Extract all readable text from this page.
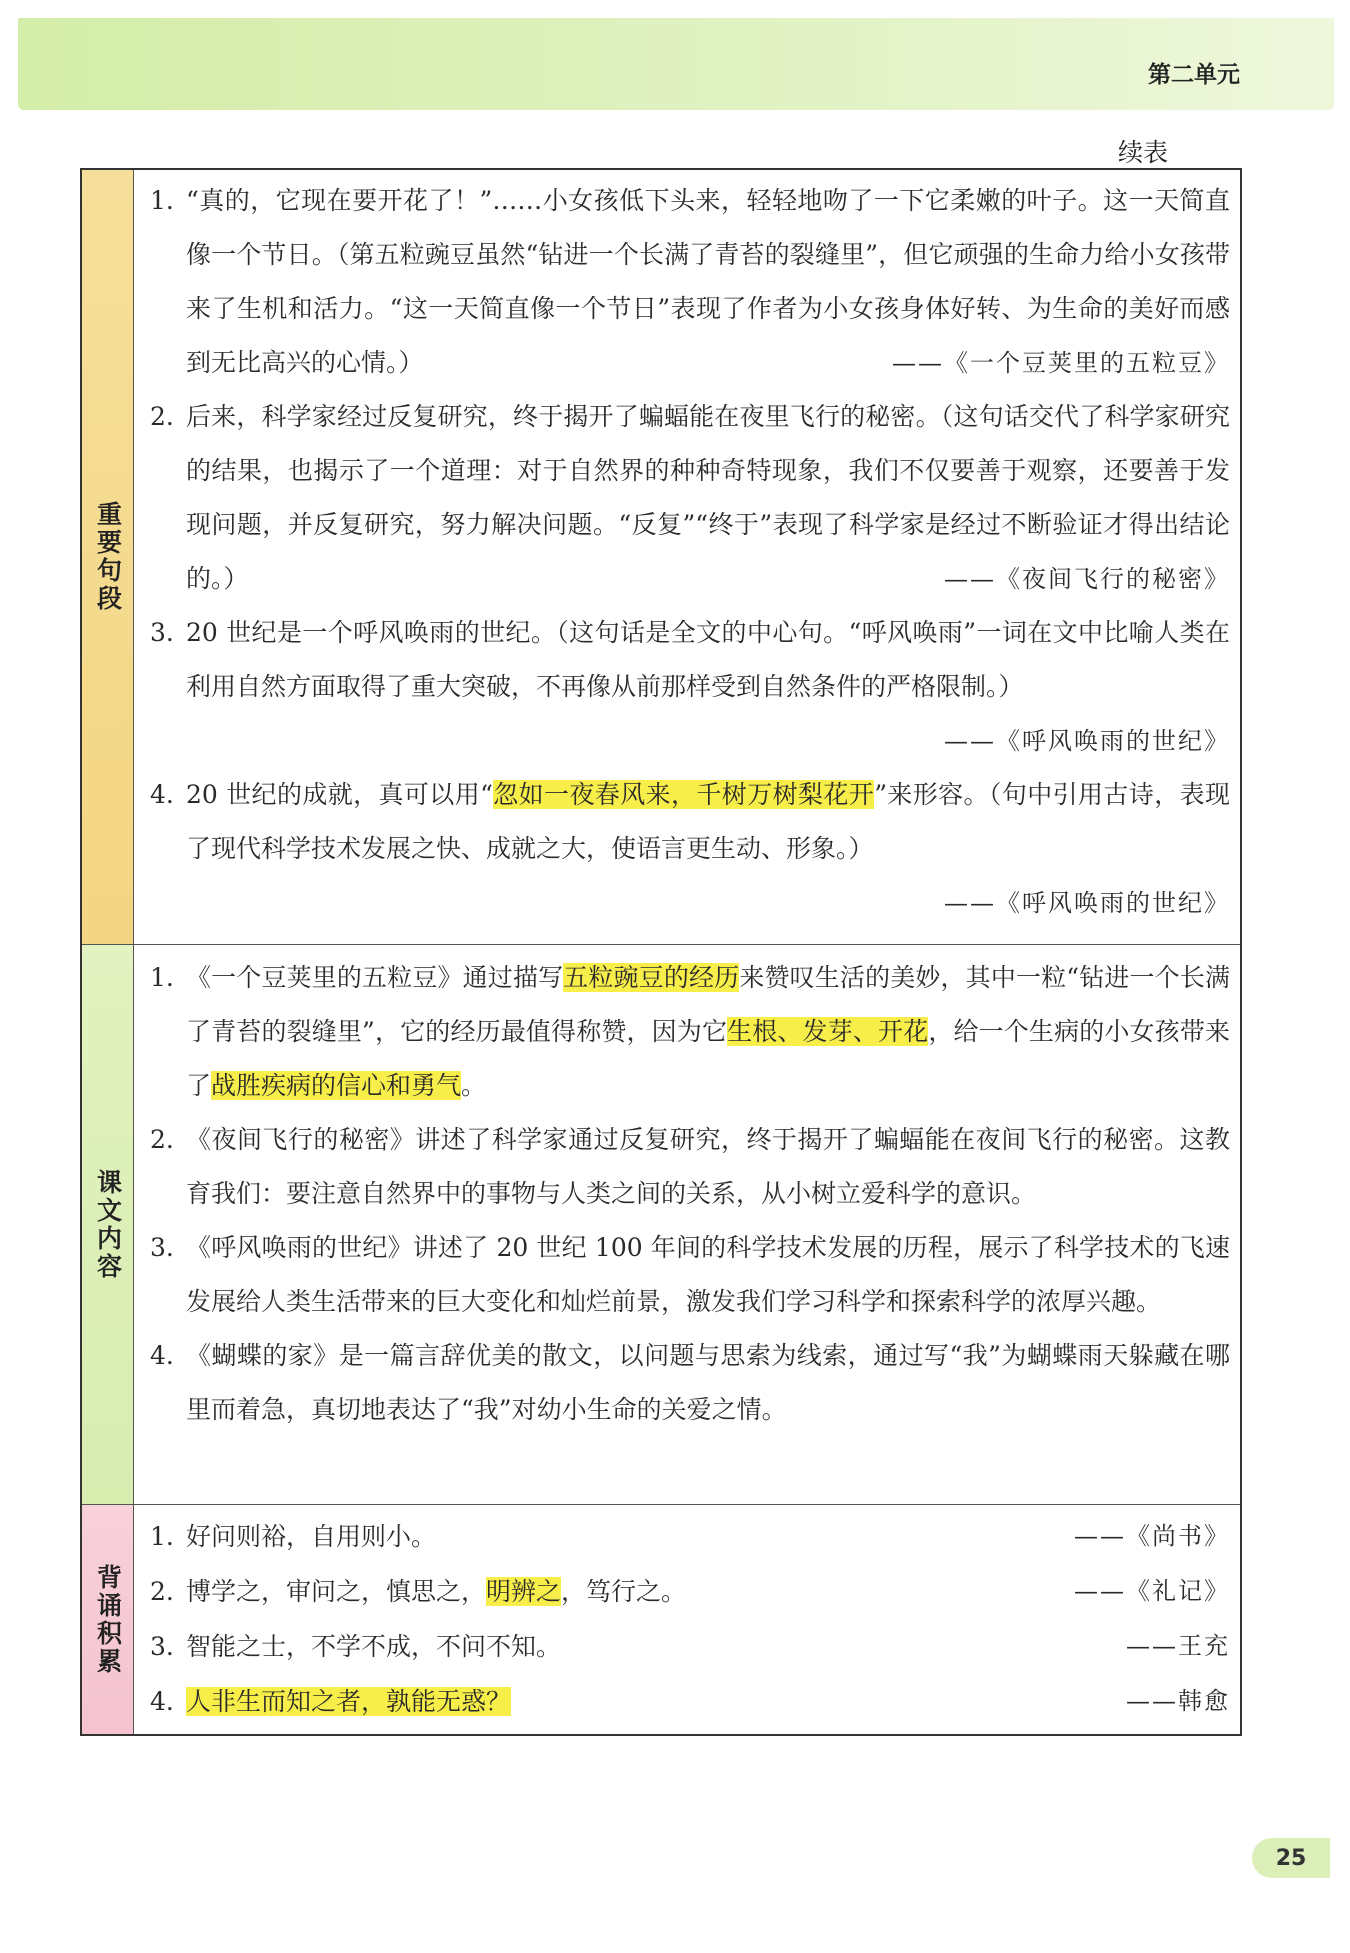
第二单元
续表
重要句段
1. “真的，它现在要开花了！”……小女孩低下头来，轻轻地吻了一下它柔嫩的叶子。这一天简直像一个节日。（第五粒豌豆虽然“钻进一个长满了青苔的裂缝里”，但它顽强的生命力给小女孩带来了生机和活力。“这一天简直像一个节日”表现了作者为小女孩身体好转、为生命的美好而感到无比高兴的心情。）	——《一个豆荚里的五粒豆》
2. 后来，科学家经过反复研究，终于揭开了蝙蝠能在夜里飞行的秘密。（这句话交代了科学家研究的结果，也揭示了一个道理：对于自然界的种种奇特现象，我们不仅要善于观察，还要善于发现问题，并反复研究，努力解决问题。“反复”“终于”表现了科学家是经过不断验证才得出结论的。）	——《夜间飞行的秘密》
3. 20 世纪是一个呼风唤雨的世纪。（这句话是全文的中心句。“呼风唤雨”一词在文中比喻人类在利用自然方面取得了重大突破，不再像从前那样受到自然条件的严格限制。）
——《呼风唤雨的世纪》
4. 20 世纪的成就，真可以用“忽如一夜春风来，千树万树梨花开”来形容。（句中引用古诗，表现了现代科学技术发展之快、成就之大，使语言更生动、形象。）
——《呼风唤雨的世纪》
课文内容
1. 《一个豆荚里的五粒豆》通过描写五粒豌豆的经历来赞叹生活的美妙，其中一粒“钻进一个长满了青苔的裂缝里”，它的经历最值得称赞，因为它生根、发芽、开花，给一个生病的小女孩带来了战胜疾病的信心和勇气。
2. 《夜间飞行的秘密》讲述了科学家通过反复研究，终于揭开了蝙蝠能在夜间飞行的秘密。这教育我们：要注意自然界中的事物与人类之间的关系，从小树立爱科学的意识。
3. 《呼风唤雨的世纪》讲述了 20 世纪 100 年间的科学技术发展的历程，展示了科学技术的飞速发展给人类生活带来的巨大变化和灿烂前景，激发我们学习科学和探索科学的浓厚兴趣。
4. 《蝴蝶的家》是一篇言辞优美的散文，以问题与思索为线索，通过写“我”为蝴蝶雨天躲藏在哪里而着急，真切地表达了“我”对幼小生命的关爱之情。
背诵积累
1. 好问则裕，自用则小。	——《尚书》
2. 博学之，审问之，慎思之，明辨之，笃行之。	——《礼记》
3. 智能之士，不学不成，不问不知。	——王充
4. 人非生而知之者，孰能无惑？	——韩愈
25
